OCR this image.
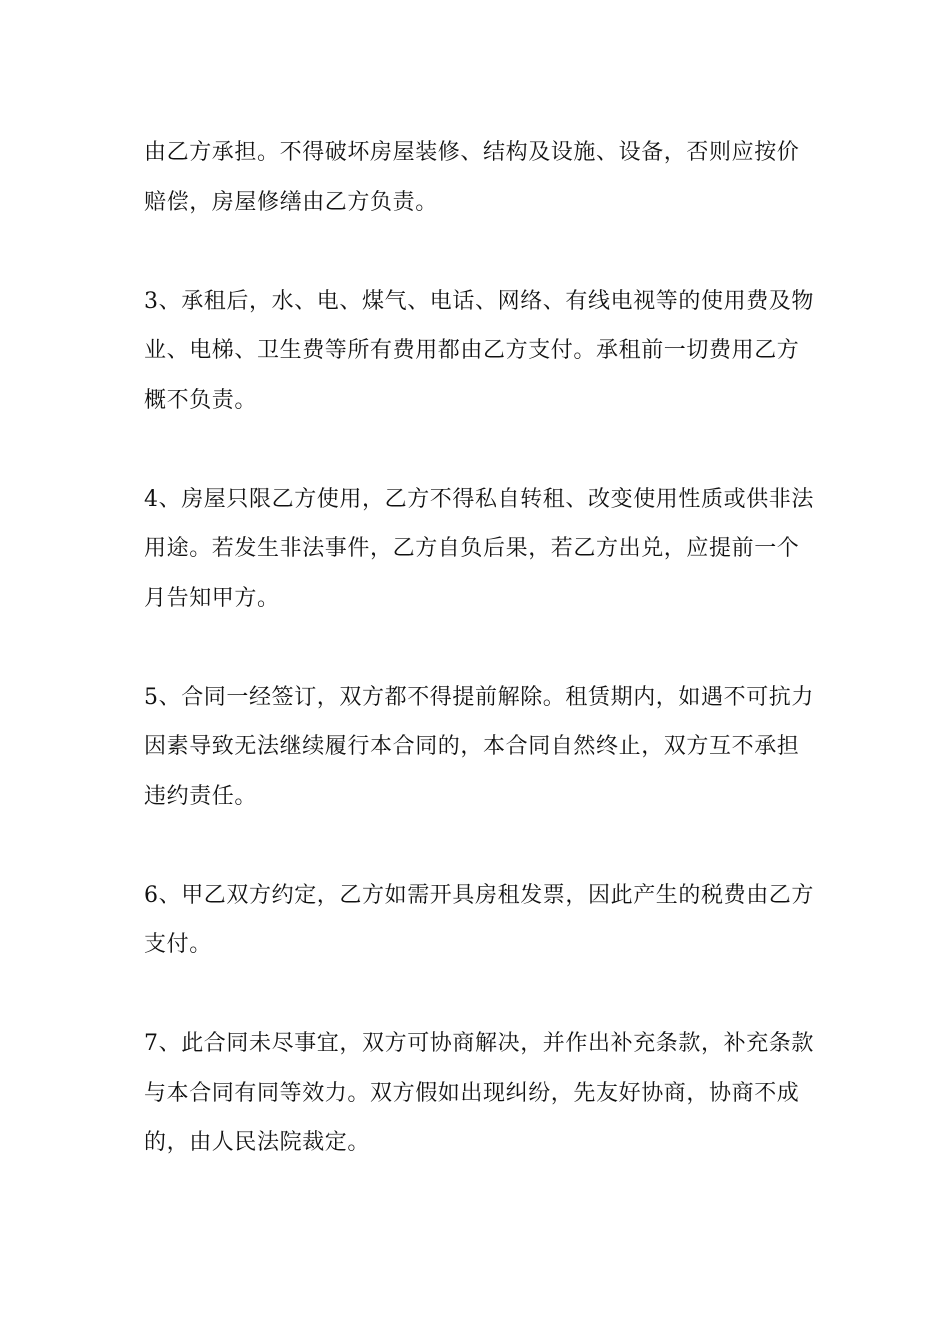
由乙方承担。不得破坏房屋装修、结构及设施、设备，否则应按价
赔偿，房屋修缮由乙方负责。

3、承租后，水、电、煤气、电话、网络、有线电视等的使用费及物
业、电梯、卫生费等所有费用都由乙方支付。承租前一切费用乙方
概不负责。

4、房屋只限乙方使用，乙方不得私自转租、改变使用性质或供非法
用途。若发生非法事件，乙方自负后果，若乙方出兑，应提前一个
月告知甲方。

5、合同一经签订，双方都不得提前解除。租赁期内，如遇不可抗力
因素导致无法继续履行本合同的，本合同自然终止，双方互不承担
违约责任。

6、甲乙双方约定，乙方如需开具房租发票，因此产生的税费由乙方
支付。

7、此合同未尽事宜，双方可协商解决，并作出补充条款，补充条款
与本合同有同等效力。双方假如出现纠纷，先友好协商，协商不成
的，由人民法院裁定。
